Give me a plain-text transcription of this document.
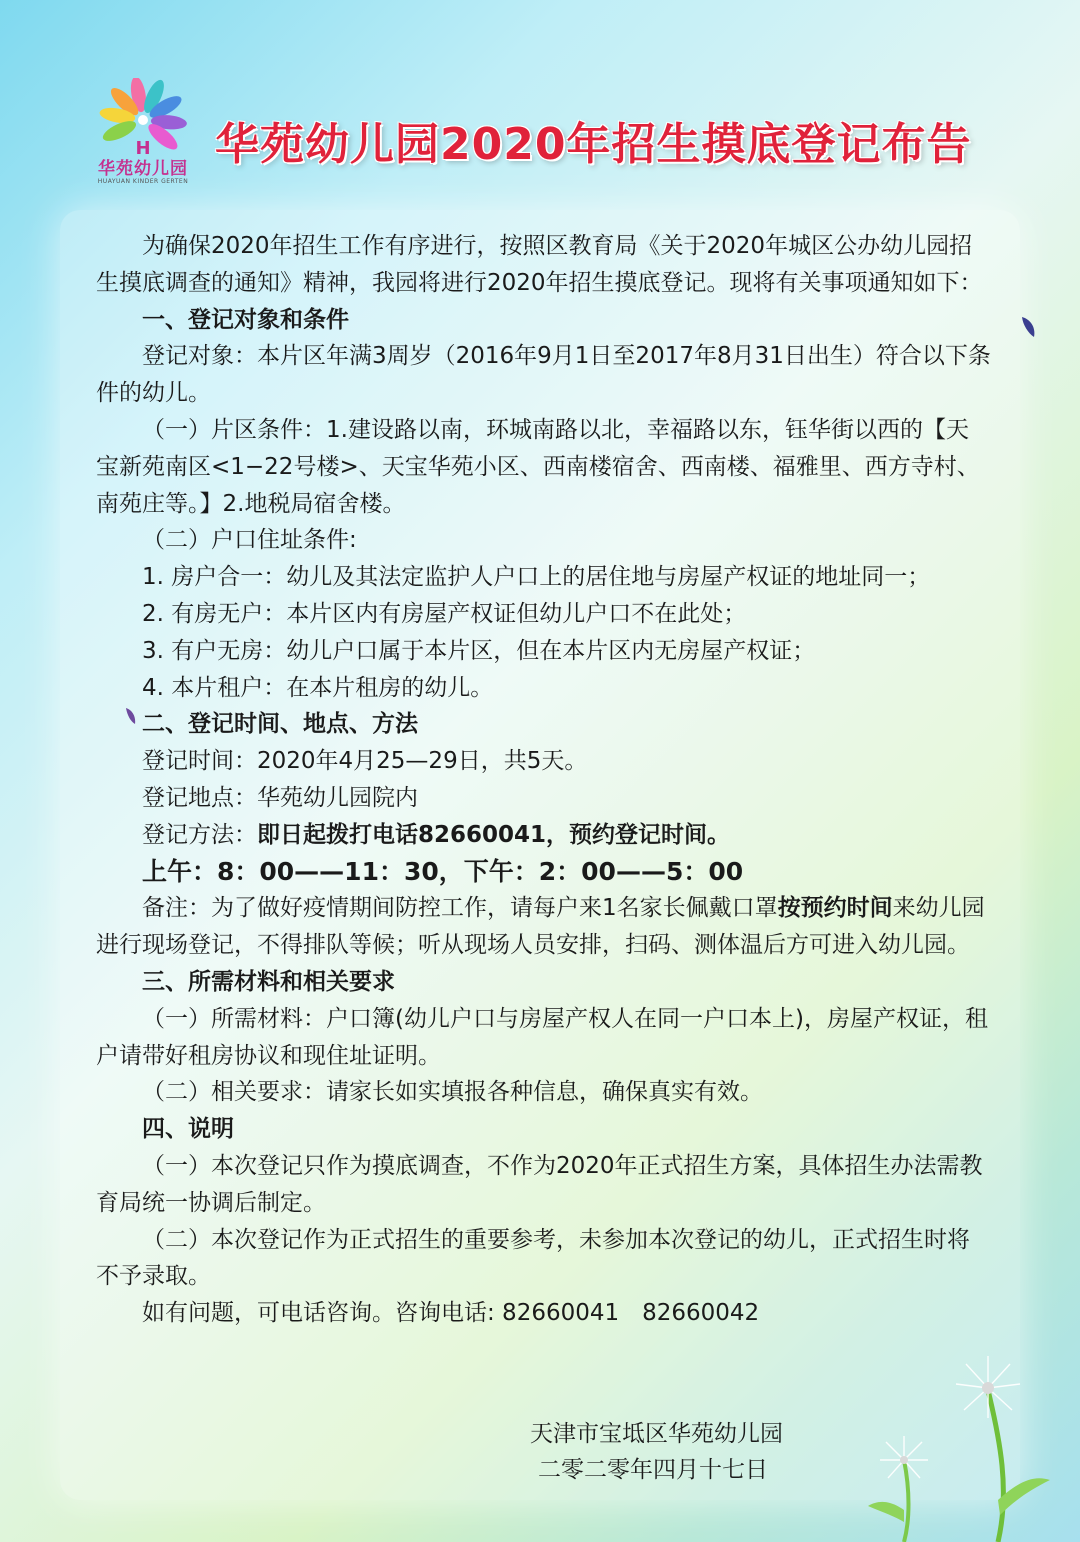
H
华苑幼儿园
HUAYUAN KINDER GERTEN
华苑幼儿园2020年招生摸底登记布告

为确保2020年招生工作有序进行，按照区教育局《关于2020年城区公办幼儿园招生摸底调查的通知》精神，我园将进行2020年招生摸底登记。现将有关事项通知如下：

一、登记对象和条件

登记对象：本片区年满3周岁（2016年9月1日至2017年8月31日出生）符合以下条件的幼儿。

（一）片区条件：1.建设路以南，环城南路以北，幸福路以东，钰华街以西的【天宝新苑南区<1−22号楼>、天宝华苑小区、西南楼宿舍、西南楼、福雅里、西方寺村、南苑庄等。】2.地税局宿舍楼。

（二）户口住址条件:

1. 房户合一：幼儿及其法定监护人户口上的居住地与房屋产权证的地址同一；

2. 有房无户：本片区内有房屋产权证但幼儿户口不在此处；

3. 有户无房：幼儿户口属于本片区，但在本片区内无房屋产权证；

4. 本片租户：在本片租房的幼儿。

二、登记时间、地点、方法

登记时间：2020年4月25—29日，共5天。

登记地点：华苑幼儿园院内

登记方法：即日起拨打电话82660041，预约登记时间。

上午：8：00——11：30，下午：2：00——5：00

备注：为了做好疫情期间防控工作，请每户来1名家长佩戴口罩按预约时间来幼儿园进行现场登记，不得排队等候；听从现场人员安排，扫码、测体温后方可进入幼儿园。

三、所需材料和相关要求

（一）所需材料：户口簿(幼儿户口与房屋产权人在同一户口本上)，房屋产权证，租户请带好租房协议和现住址证明。

（二）相关要求：请家长如实填报各种信息，确保真实有效。

四、说明

（一）本次登记只作为摸底调查，不作为2020年正式招生方案，具体招生办法需教育局统一协调后制定。

（二）本次登记作为正式招生的重要参考，未参加本次登记的幼儿，正式招生时将不予录取。

如有问题，可电话咨询。咨询电话: 82660041　82660042

天津市宝坻区华苑幼儿园

二零二零年四月十七日
